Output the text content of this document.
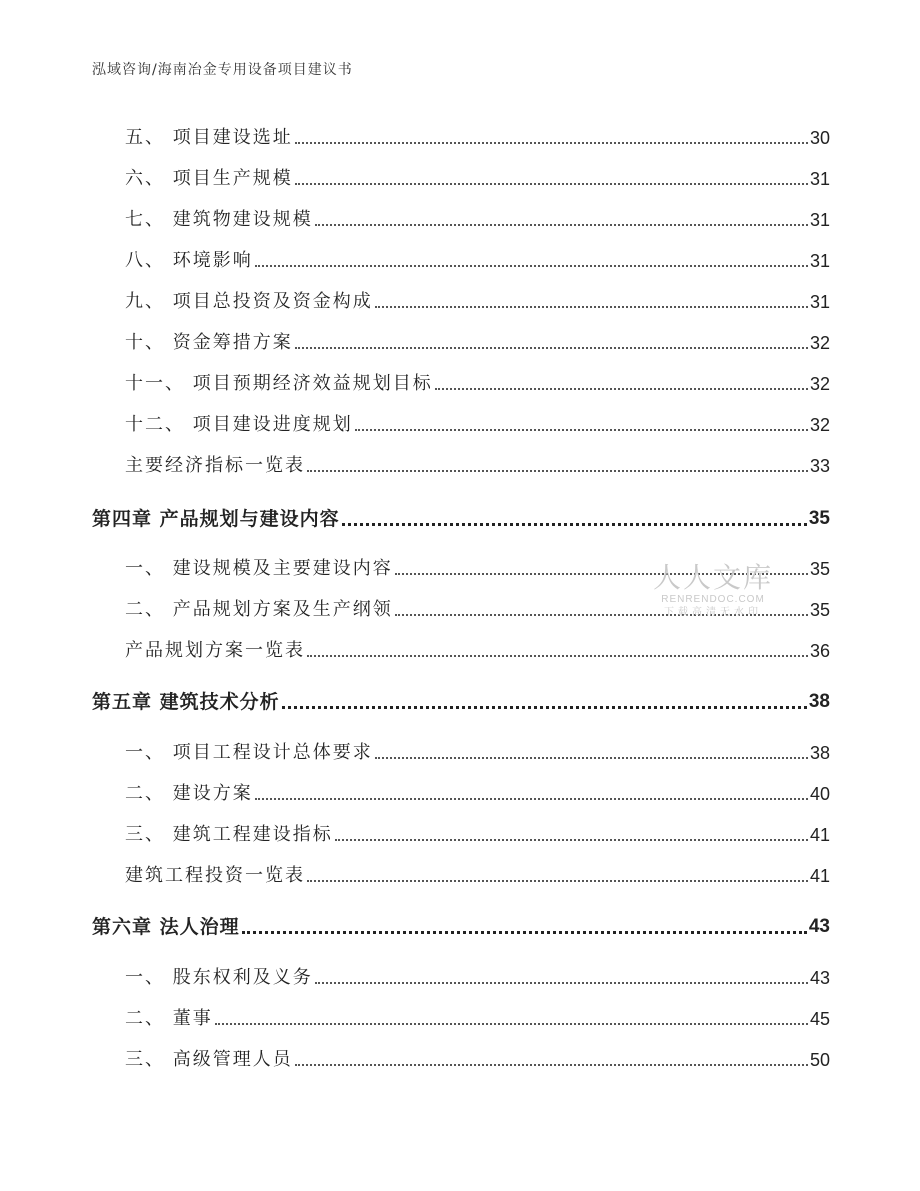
泓域咨询/海南冶金专用设备项目建议书
五、 项目建设选址	30
六、 项目生产规模	31
七、 建筑物建设规模	31
八、 环境影响	31
九、 项目总投资及资金构成	31
十、 资金筹措方案	32
十一、 项目预期经济效益规划目标	32
十二、 项目建设进度规划	32
主要经济指标一览表	33
第四章 产品规划与建设内容	35
一、 建设规模及主要建设内容	35
二、 产品规划方案及生产纲领	35
产品规划方案一览表	36
第五章 建筑技术分析	38
一、 项目工程设计总体要求	38
二、 建设方案	40
三、 建筑工程建设指标	41
建筑工程投资一览表	41
第六章 法人治理	43
一、 股东权利及义务	43
二、 董事	45
三、 高级管理人员	50
人人文库
RENRENDOC.COM
下载高清无水印
